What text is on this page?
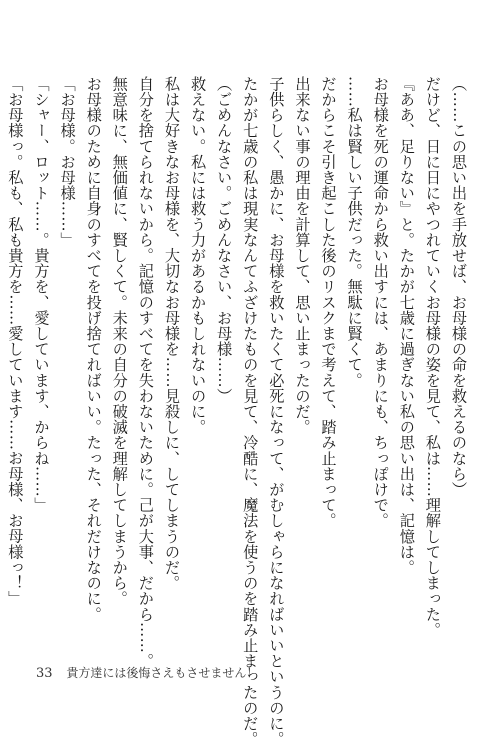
（……この思い出を手放せば、お母様の命を救えるのなら）

だけど、日に日にやつれていくお母様の姿を見て、私は……理解してしまった。

『ああ、足りない』と。たかが七歳に過ぎない私の思い出は、記憶は。

お母様を死の運命から救い出すには、あまりにも、ちっぽけで。

……私は賢しい子供だった。無駄に賢くて。

だからこそ引き起こした後のリスクまで考えて、踏み止まって。

出来ない事の理由を計算して、思い止まったのだ。

子供らしく、愚かに、お母様を救いたくて必死になって、がむしゃらになればいいというのに。

たかが七歳の私は現実なんてふざけたものを見て、冷酷に、魔法を使うのを踏み止まったのだ。

（ごめんなさい。ごめんなさい、お母様……）

救えない。私には救う力があるかもしれないのに。

私は大好きなお母様を、大切なお母様を……見殺しに、してしまうのだ。

自分を捨てられないから。記憶のすべてを失わないために。己が大事、だから……。

無意味に、無価値に、賢しくて。未来の自分の破滅を理解してしまうから。

お母様のために自身のすべてを投げ捨てればいい。たった、それだけなのに。

「お母様。お母様……」

「シャー、ロット……。貴方を、愛しています、からね……」

「お母様っ。私も、私も貴方を……愛しています……お母様、お母様っ！」

33 貴方達には後悔さえもさせません！
